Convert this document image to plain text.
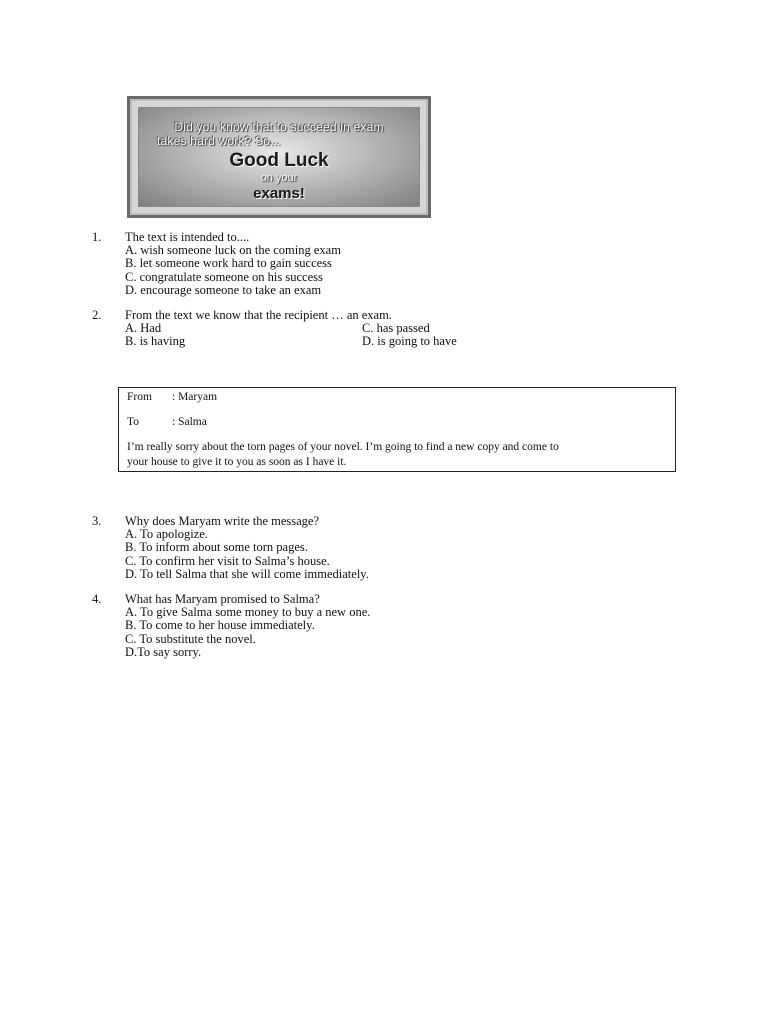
Did you know that to succeed in exam
takes hard work? So...
Good Luck
on your
exams!
1. The text is intended to....
A. wish someone luck on the coming exam
B. let someone work hard to gain success
C. congratulate someone on his success
D. encourage someone to take an exam
2. From the text we know that the recipient … an exam.
A. Had	C. has passed
B. is having	D. is going to have
From : Maryam
To	: Salma
I’m really sorry about the torn pages of your novel. I’m going to find a new copy and come to
your house to give it to you as soon as I have it.
3. Why does Maryam write the message?
A. To apologize.
B. To inform about some torn pages.
C. To confirm her visit to Salma’s house.
D. To tell Salma that she will come immediately.
4. What has Maryam promised to Salma?
A. To give Salma some money to buy a new one.
B. To come to her house immediately.
C. To substitute the novel.
D.To say sorry.
